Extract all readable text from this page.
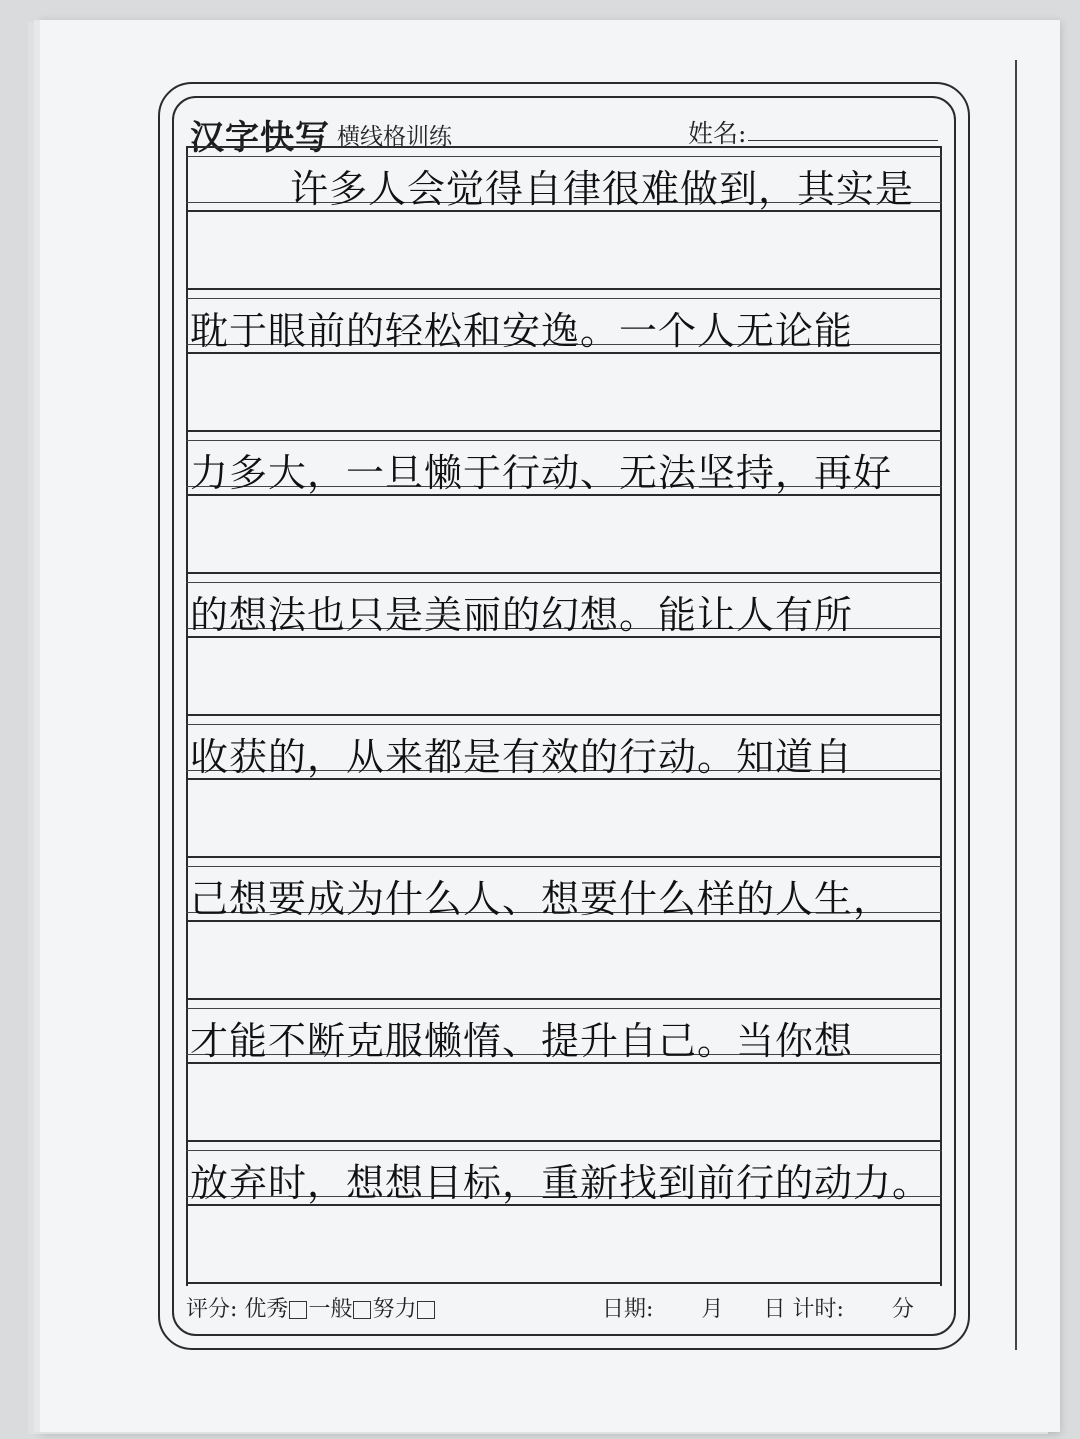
汉字快写 横线格训练	姓名:
许多人会觉得自律很难做到，其实是
耽于眼前的轻松和安逸。一个人无论能
力多大，一旦懒于行动、无法坚持，再好
的想法也只是美丽的幻想。能让人有所
收获的，从来都是有效的行动。知道自
己想要成为什么人、想要什么样的人生，
才能不断克服懒惰、提升自己。当你想
放弃时，想想目标，重新找到前行的动力。
评分: 优秀 一般 努力	日期: 月 日 计时: 分
